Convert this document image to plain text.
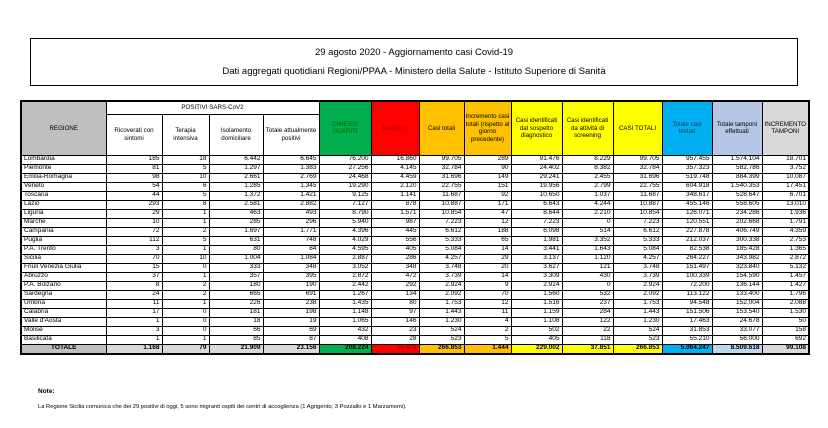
29 agosto 2020 - Aggiornamento casi Covid-19
Dati aggregati quotidiani Regioni/PPAA - Ministero della Salute - Istituto Superiore di Sanità
REGIONE	POSITIVI SARS-CoV2				DIMESSI GUARITI	Deceduti	Casi totali	Incremento casi totali (rispetto al giorno precedente)	Casi identificati dal sospetto diagnostico	Casi identificati da attività di screening	CASI TOTALI	Totale casi testati	Totale tamponi effettuati	INCREMENTO TAMPONI
	Ricoverati con sintomi	Terapia intensiva	Isolamento domiciliare	Totale attualmente positivi										
Lombardia	185	18	6.442	6.645	76.200	16.860	99.705	289	91.476	8.229	99.705	957.455	1.574.104	18.701
Piemonte	81	5	1.297	1.383	27.256	4.145	32.784	90	24.402	8.382	32.784	357.323	582.786	3.752
Emilia-Romagna	98	10	2.661	2.769	24.468	4.459	31.696	149	29.241	2.455	31.696	519.748	884.399	10.087
Veneto	54	6	1.285	1.345	19.290	2.120	22.755	151	19.956	2.799	22.755	604.918	1.540.353	17.451
Toscana	44	5	1.372	1.421	9.125	1.141	11.687	92	10.650	1.037	11.687	348.617	528.647	6.701
Lazio	293	8	2.581	2.882	7.127	878	10.887	171	6.643	4.244	10.887	455.146	558.605	13.010
Liguria	29	1	463	493	8.790	1.571	10.854	47	8.644	2.210	10.854	126.071	234.286	1.936
Marche	10	1	285	296	5.940	987	7.223	12	7.223	0	7.223	120.551	202.668	1.791
Campania	72	2	1.697	1.771	4.396	445	6.612	188	6.098	514	6.612	227.878	406.749	4.359
Puglia	112	5	631	748	4.029	556	5.333	65	1.981	3.352	5.333	212.037	300.338	2.753
P.A. Trento	3	1	80	84	4.595	405	5.084	14	3.441	1.643	5.084	82.538	185.428	1.365
Sicilia	70	10	1.004	1.084	2.887	286	4.257	29	3.137	1.120	4.257	264.227	343.982	2.872
Friuli Venezia Giulia	15	0	333	348	3.052	348	3.748	20	3.627	121	3.748	151.497	323.840	5.132
Abruzzo	37	1	357	395	2.872	472	3.739	14	3.309	430	3.739	100.339	154.590	1.457
P.A. Bolzano	8	2	180	190	2.442	292	2.924	9	2.924	0	2.924	72.200	136.144	1.427
Sardegna	24	2	665	691	1.267	134	2.092	70	1.560	532	2.092	113.122	133.400	1.796
Umbria	11	1	226	238	1.435	80	1.753	12	1.516	237	1.753	94.548	152.004	2.088
Calabria	17	0	181	198	1.148	97	1.443	11	1.159	284	1.443	151.506	153.540	1.530
Valle d'Aosta	1	0	18	19	1.065	146	1.230	4	1.108	122	1.230	17.463	24.678	50
Molise	3	0	66	69	432	23	524	2	502	22	524	31.853	33.077	158
Basilicata	1	1	85	87	408	28	523	5	405	118	523	55.210	56.000	692
TOTALE	1.168	79	21.909	23.156	208.224	35.473	266.853	1.444	229.002	37.851	266.853	5.064.247	8.509.618	99.108
Note:
La Regione Sicilia comunica che dei 29 positivi di oggi, 5 sono migranti ospiti dei centri di accoglienza (1 Agrigento, 3 Pozzallo e 1 Marzamemi).
